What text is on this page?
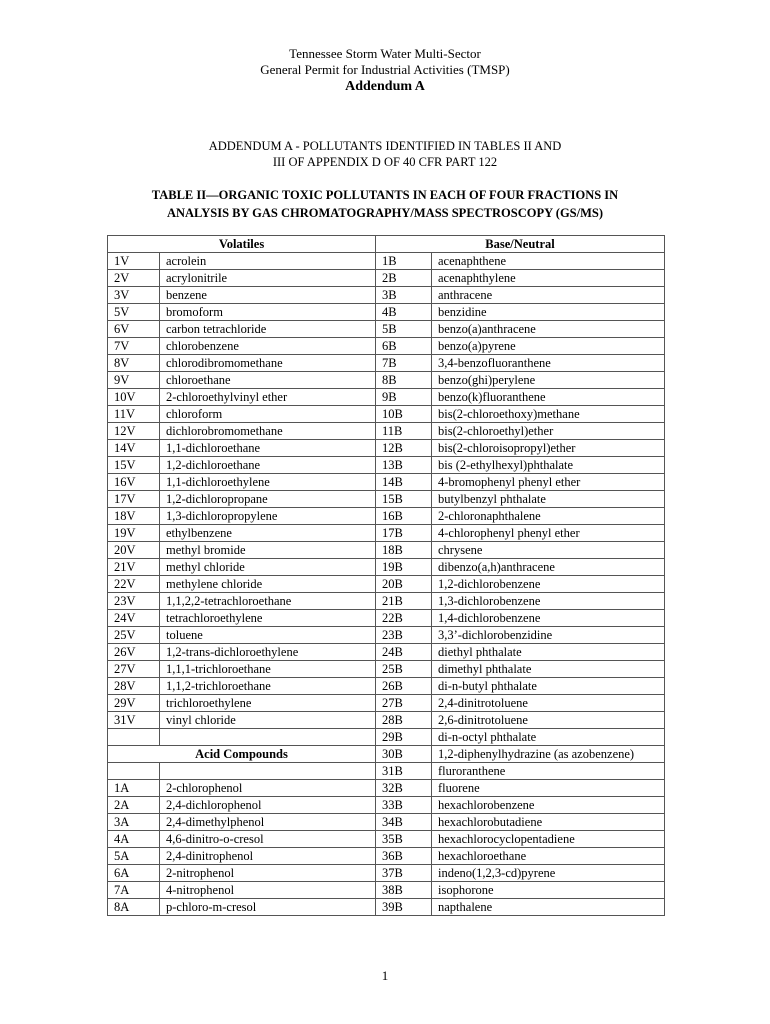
Tennessee Storm Water Multi-Sector
General Permit for Industrial Activities (TMSP)
Addendum A
ADDENDUM A - POLLUTANTS IDENTIFIED IN TABLES II AND
III OF APPENDIX D OF 40 CFR PART 122
TABLE II—ORGANIC TOXIC POLLUTANTS IN EACH OF FOUR FRACTIONS IN
ANALYSIS BY GAS CHROMATOGRAPHY/MASS SPECTROSCOPY (GS/MS)
Volatiles		Base/Neutral	
1V	acrolein	1B	acenaphthene
2V	acrylonitrile	2B	acenaphthylene
3V	benzene	3B	anthracene
5V	bromoform	4B	benzidine
6V	carbon tetrachloride	5B	benzo(a)anthracene
7V	chlorobenzene	6B	benzo(a)pyrene
8V	chlorodibromomethane	7B	3,4-benzofluoranthene
9V	chloroethane	8B	benzo(ghi)perylene
10V	2-chloroethylvinyl ether	9B	benzo(k)fluoranthene
11V	chloroform	10B	bis(2-chloroethoxy)methane
12V	dichlorobromomethane	11B	bis(2-chloroethyl)ether
14V	1,1-dichloroethane	12B	bis(2-chloroisopropyl)ether
15V	1,2-dichloroethane	13B	bis (2-ethylhexyl)phthalate
16V	1,1-dichloroethylene	14B	4-bromophenyl phenyl ether
17V	1,2-dichloropropane	15B	butylbenzyl phthalate
18V	1,3-dichloropropylene	16B	2-chloronaphthalene
19V	ethylbenzene	17B	4-chlorophenyl phenyl ether
20V	methyl bromide	18B	chrysene
21V	methyl chloride	19B	dibenzo(a,h)anthracene
22V	methylene chloride	20B	1,2-dichlorobenzene
23V	1,1,2,2-tetrachloroethane	21B	1,3-dichlorobenzene
24V	tetrachloroethylene	22B	1,4-dichlorobenzene
25V	toluene	23B	3,3’-dichlorobenzidine
26V	1,2-trans-dichloroethylene	24B	diethyl phthalate
27V	1,1,1-trichloroethane	25B	dimethyl phthalate
28V	1,1,2-trichloroethane	26B	di-n-butyl phthalate
29V	trichloroethylene	27B	2,4-dinitrotoluene
31V	vinyl chloride	28B	2,6-dinitrotoluene
		29B	di-n-octyl phthalate
Acid Compounds		30B	1,2-diphenylhydrazine (as azobenzene)
		31B	fluroranthene
1A	2-chlorophenol	32B	fluorene
2A	2,4-dichlorophenol	33B	hexachlorobenzene
3A	2,4-dimethylphenol	34B	hexachlorobutadiene
4A	4,6-dinitro-o-cresol	35B	hexachlorocyclopentadiene
5A	2,4-dinitrophenol	36B	hexachloroethane
6A	2-nitrophenol	37B	indeno(1,2,3-cd)pyrene
7A	4-nitrophenol	38B	isophorone
8A	p-chloro-m-cresol	39B	napthalene
1
